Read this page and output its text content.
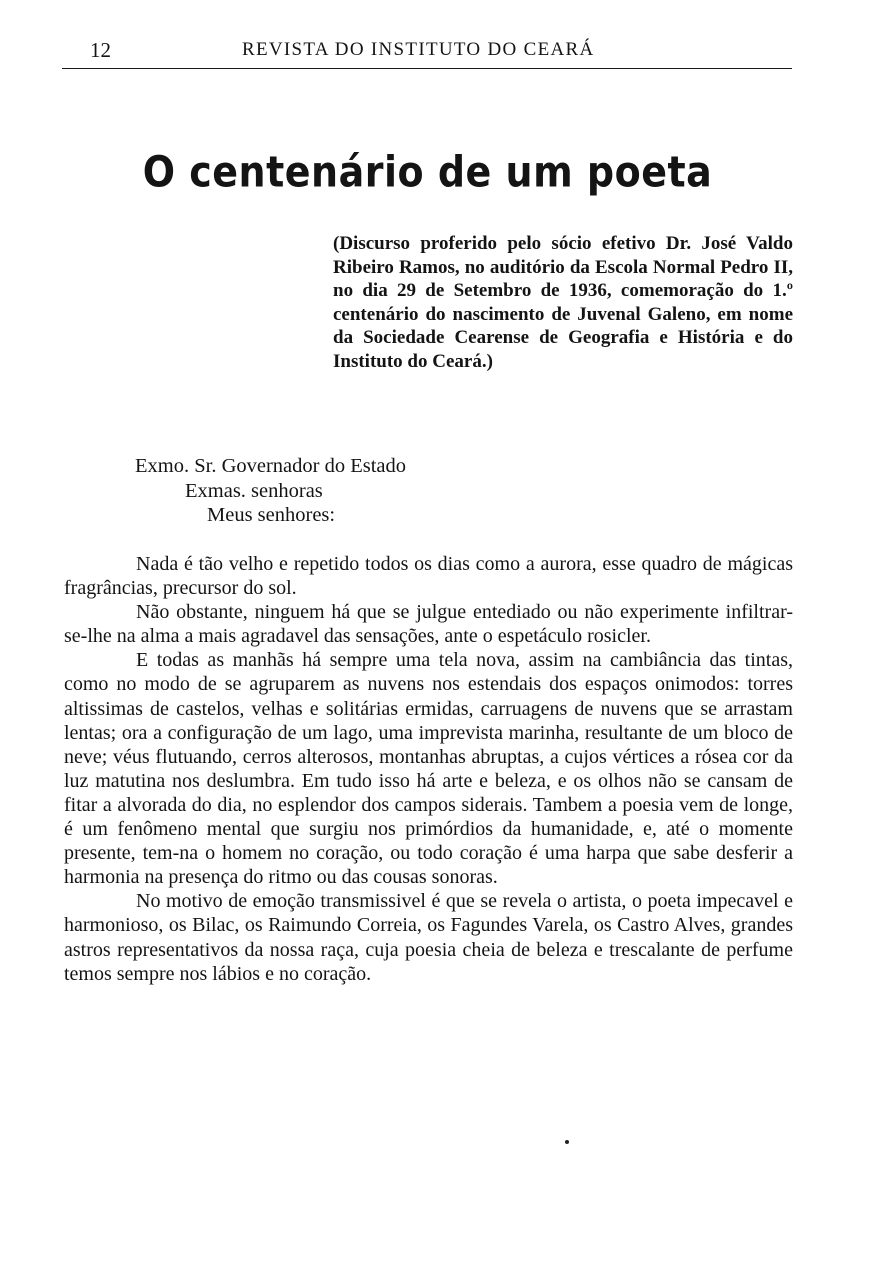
12	REVISTA DO INSTITUTO DO CEARÁ
O centenário de um poeta
(Discurso proferido pelo sócio efetivo Dr. José Valdo Ribeiro Ramos, no auditório da Escola Normal Pedro II, no dia 29 de Setembro de 1936, comemoração do 1.º centenário do nascimento de Juvenal Galeno, em nome da Sociedade Cearense de Geografia e História e do Instituto do Ceará.)
Exmo. Sr. Governador do Estado
Exmas. senhoras
Meus senhores:

Nada é tão velho e repetido todos os dias como a aurora, esse quadro de mágicas fragrâncias, precursor do sol.

Não obstante, ninguem há que se julgue entediado ou não experimente infiltrar-se-lhe na alma a mais agradavel das sensações, ante o espetáculo rosicler.

E todas as manhãs há sempre uma tela nova, assim na cambiância das tintas, como no modo de se agruparem as nuvens nos estendais dos espaços onimodos: torres altissimas de castelos, velhas e solitárias ermidas, carruagens de nuvens que se arrastam lentas; ora a configuração de um lago, uma imprevista marinha, resultante de um bloco de neve; véus flutuando, cerros alterosos, montanhas abruptas, a cujos vértices a rósea cor da luz matutina nos deslumbra. Em tudo isso há arte e beleza, e os olhos não se cansam de fitar a alvorada do dia, no esplendor dos campos siderais. Tambem a poesia vem de longe, é um fenômeno mental que surgiu nos primórdios da humanidade, e, até o momente presente, tem-na o homem no coração, ou todo coração é uma harpa que sabe desferir a harmonia na presença do ritmo ou das cousas sonoras.

No motivo de emoção transmissivel é que se revela o artista, o poeta impecavel e harmonioso, os Bilac, os Raimundo Correia, os Fagundes Varela, os Castro Alves, grandes astros representativos da nossa raça, cuja poesia cheia de beleza e trescalante de perfume temos sempre nos lábios e no coração.
